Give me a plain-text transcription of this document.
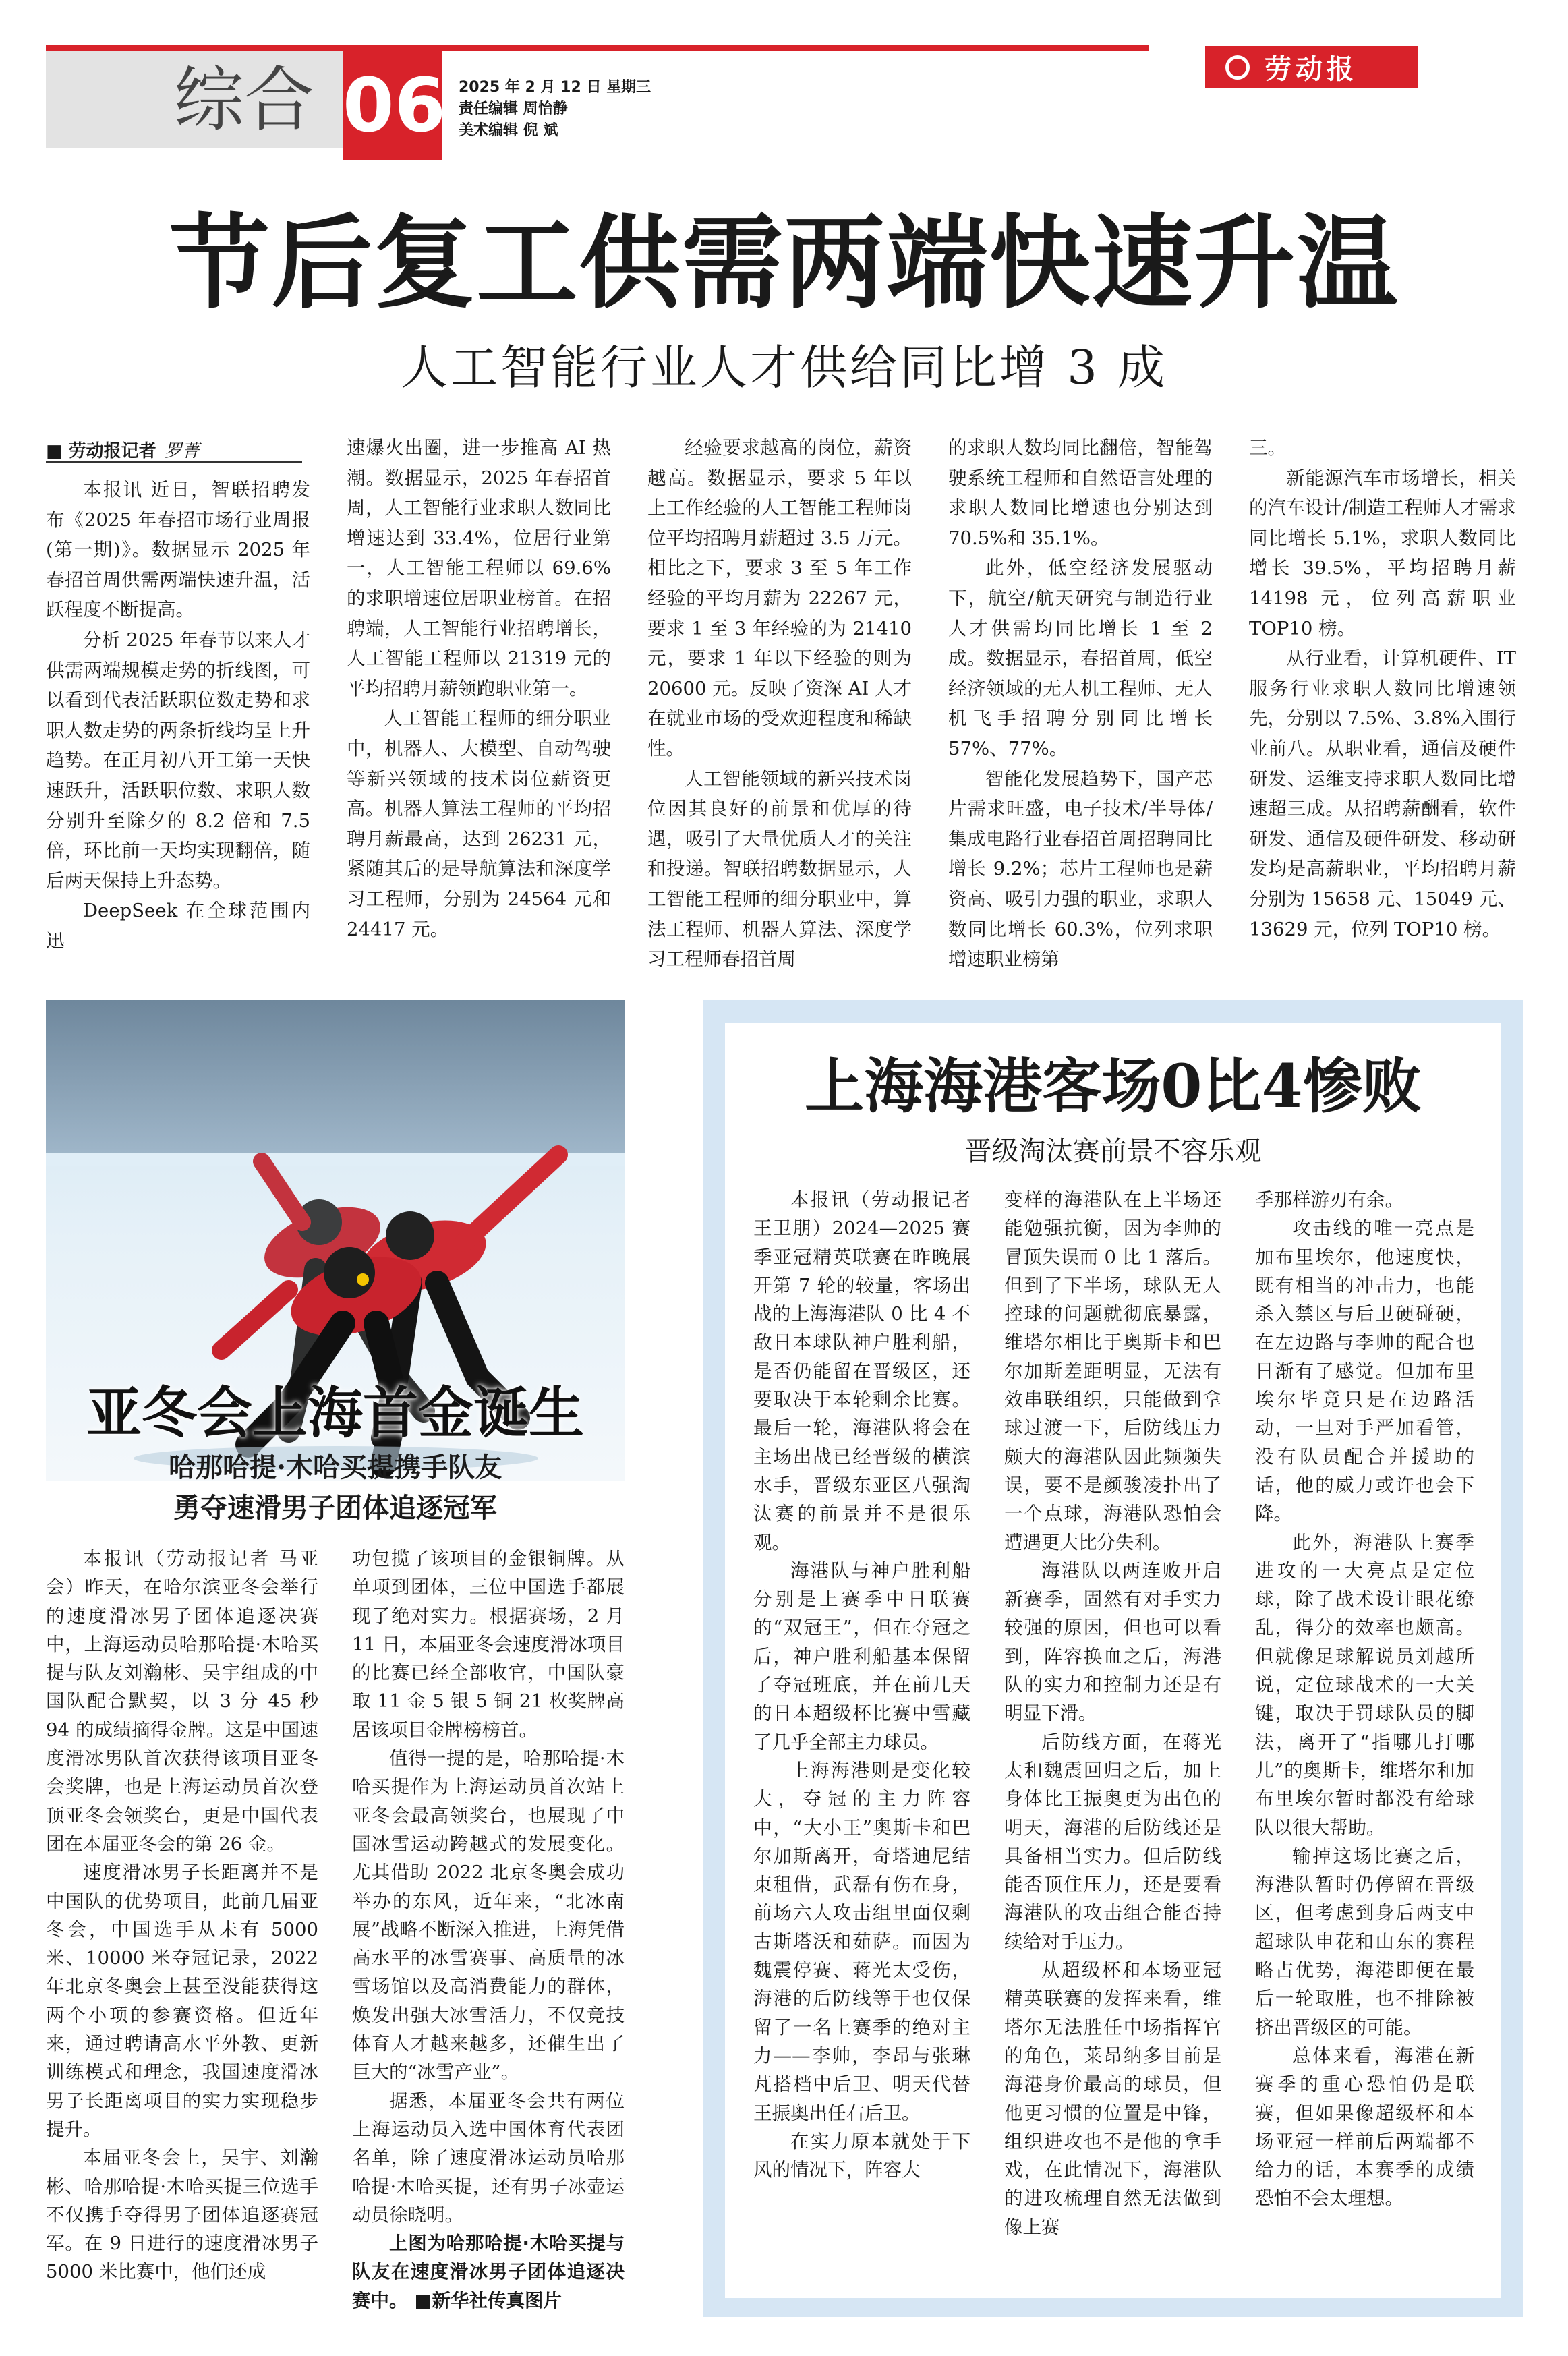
综合 06 2025 年 2 月 12 日 星期三
责任编辑 周怡静
美术编辑 倪 斌
劳动报
节后复工供需两端快速升温
人工智能行业人才供给同比增 3 成
■ 劳动报记者 罗菁

本报讯 近日，智联招聘发布《2025 年春招市场行业周报(第一期)》。数据显示 2025 年春招首周供需两端快速升温，活跃程度不断提高。

分析 2025 年春节以来人才供需两端规模走势的折线图，可以看到代表活跃职位数走势和求职人数走势的两条折线均呈上升趋势。在正月初八开工第一天快速跃升，活跃职位数、求职人数分别升至除夕的 8.2 倍和 7.5 倍，环比前一天均实现翻倍，随后两天保持上升态势。

DeepSeek 在全球范围内迅

速爆火出圈，进一步推高 AI 热潮。数据显示，2025 年春招首周，人工智能行业求职人数同比增速达到 33.4%，位居行业第一，人工智能工程师以 69.6%的求职增速位居职业榜首。在招聘端，人工智能行业招聘增长，人工智能工程师以 21319 元的平均招聘月薪领跑职业第一。

人工智能工程师的细分职业中，机器人、大模型、自动驾驶等新兴领域的技术岗位薪资更高。机器人算法工程师的平均招聘月薪最高，达到 26231 元，紧随其后的是导航算法和深度学习工程师，分别为 24564 元和 24417 元。

经验要求越高的岗位，薪资越高。数据显示，要求 5 年以上工作经验的人工智能工程师岗位平均招聘月薪超过 3.5 万元。相比之下，要求 3 至 5 年工作经验的平均月薪为 22267 元，要求 1 至 3 年经验的为 21410 元，要求 1 年以下经验的则为 20600 元。反映了资深 AI 人才在就业市场的受欢迎程度和稀缺性。

人工智能领域的新兴技术岗位因其良好的前景和优厚的待遇，吸引了大量优质人才的关注和投递。智联招聘数据显示，人工智能工程师的细分职业中，算法工程师、机器人算法、深度学习工程师春招首周

的求职人数均同比翻倍，智能驾驶系统工程师和自然语言处理的求职人数同比增速也分别达到 70.5%和 35.1%。

此外，低空经济发展驱动下，航空/航天研究与制造行业人才供需均同比增长 1 至 2 成。数据显示，春招首周，低空经济领域的无人机工程师、无人机飞手招聘分别同比增长 57%、77%。

智能化发展趋势下，国产芯片需求旺盛，电子技术/半导体/集成电路行业春招首周招聘同比增长 9.2%；芯片工程师也是薪资高、吸引力强的职业，求职人数同比增长 60.3%，位列求职增速职业榜第

三。

新能源汽车市场增长，相关的汽车设计/制造工程师人才需求同比增长 5.1%，求职人数同比增长 39.5%，平均招聘月薪 14198 元，位列高薪职业 TOP10 榜。

从行业看，计算机硬件、IT 服务行业求职人数同比增速领先，分别以 7.5%、3.8%入围行业前八。从职业看，通信及硬件研发、运维支持求职人数同比增速超三成。从招聘薪酬看，软件研发、通信及硬件研发、移动研发均是高薪职业，平均招聘月薪分别为 15658 元、15049 元、13629 元，位列 TOP10 榜。

亚冬会上海首金诞生
哈那哈提·木哈买提携手队友
勇夺速滑男子团体追逐冠军

本报讯（劳动报记者 马亚会）昨天，在哈尔滨亚冬会举行的速度滑冰男子团体追逐决赛中，上海运动员哈那哈提·木哈买提与队友刘瀚彬、吴宇组成的中国队配合默契，以 3 分 45 秒 94 的成绩摘得金牌。这是中国速度滑冰男队首次获得该项目亚冬会奖牌，也是上海运动员首次登顶亚冬会领奖台，更是中国代表团在本届亚冬会的第 26 金。

速度滑冰男子长距离并不是中国队的优势项目，此前几届亚冬会，中国选手从未有 5000 米、10000 米夺冠记录，2022 年北京冬奥会上甚至没能获得这两个小项的参赛资格。但近年来，通过聘请高水平外教、更新训练模式和理念，我国速度滑冰男子长距离项目的实力实现稳步提升。

本届亚冬会上，吴宇、刘瀚彬、哈那哈提·木哈买提三位选手不仅携手夺得男子团体追逐赛冠军。在 9 日进行的速度滑冰男子 5000 米比赛中，他们还成

功包揽了该项目的金银铜牌。从单项到团体，三位中国选手都展现了绝对实力。根据赛场，2 月 11 日，本届亚冬会速度滑冰项目的比赛已经全部收官，中国队豪取 11 金 5 银 5 铜 21 枚奖牌高居该项目金牌榜榜首。

值得一提的是，哈那哈提·木哈买提作为上海运动员首次站上亚冬会最高领奖台，也展现了中国冰雪运动跨越式的发展变化。尤其借助 2022 北京冬奥会成功举办的东风，近年来，“北冰南展”战略不断深入推进，上海凭借高水平的冰雪赛事、高质量的冰雪场馆以及高消费能力的群体，焕发出强大冰雪活力，不仅竞技体育人才越来越多，还催生出了巨大的“冰雪产业”。

据悉，本届亚冬会共有两位上海运动员入选中国体育代表团名单，除了速度滑冰运动员哈那哈提·木哈买提，还有男子冰壶运动员徐晓明。

上图为哈那哈提·木哈买提与队友在速度滑冰男子团体追逐决赛中。 ■新华社传真图片

上海海港客场0比4惨败
晋级淘汰赛前景不容乐观

本报讯（劳动报记者 王卫朋）2024—2025 赛季亚冠精英联赛在昨晚展开第 7 轮的较量，客场出战的上海海港队 0 比 4 不敌日本球队神户胜利船，是否仍能留在晋级区，还要取决于本轮剩余比赛。最后一轮，海港队将会在主场出战已经晋级的横滨水手，晋级东亚区八强淘汰赛的前景并不是很乐观。

海港队与神户胜利船分别是上赛季中日联赛的“双冠王”，但在夺冠之后，神户胜利船基本保留了夺冠班底，并在前几天的日本超级杯比赛中雪藏了几乎全部主力球员。

上海海港则是变化较大，夺冠的主力阵容中，“大小王”奥斯卡和巴尔加斯离开，奇塔迪尼结束租借，武磊有伤在身，前场六人攻击组里面仅剩古斯塔沃和茹萨。而因为魏震停赛、蒋光太受伤，海港的后防线等于也仅保留了一名上赛季的绝对主力——李帅，李昂与张琳芃搭档中后卫、明天代替王振奥出任右后卫。

在实力原本就处于下风的情况下，阵容大

变样的海港队在上半场还能勉强抗衡，因为李帅的冒顶失误而 0 比 1 落后。但到了下半场，球队无人控球的问题就彻底暴露，维塔尔相比于奥斯卡和巴尔加斯差距明显，无法有效串联组织，只能做到拿球过渡一下，后防线压力颇大的海港队因此频频失误，要不是颜骏凌扑出了一个点球，海港队恐怕会遭遇更大比分失利。

海港队以两连败开启新赛季，固然有对手实力较强的原因，但也可以看到，阵容换血之后，海港队的实力和控制力还是有明显下滑。

后防线方面，在蒋光太和魏震回归之后，加上身体比王振奥更为出色的明天，海港的后防线还是具备相当实力。但后防线能否顶住压力，还是要看海港队的攻击组合能否持续给对手压力。

从超级杯和本场亚冠精英联赛的发挥来看，维塔尔无法胜任中场指挥官的角色，莱昂纳多目前是海港身价最高的球员，但他更习惯的位置是中锋，组织进攻也不是他的拿手戏，在此情况下，海港队的进攻梳理自然无法做到像上赛

季那样游刃有余。

攻击线的唯一亮点是加布里埃尔，他速度快，既有相当的冲击力，也能杀入禁区与后卫硬碰硬，在左边路与李帅的配合也日渐有了感觉。但加布里埃尔毕竟只是在边路活动，一旦对手严加看管，没有队员配合并援助的话，他的威力或许也会下降。

此外，海港队上赛季进攻的一大亮点是定位球，除了战术设计眼花缭乱，得分的效率也颇高。但就像足球解说员刘越所说，定位球战术的一大关键，取决于罚球队员的脚法，离开了“指哪儿打哪儿”的奥斯卡，维塔尔和加布里埃尔暂时都没有给球队以很大帮助。

输掉这场比赛之后，海港队暂时仍停留在晋级区，但考虑到身后两支中超球队申花和山东的赛程略占优势，海港即便在最后一轮取胜，也不排除被挤出晋级区的可能。

总体来看，海港在新赛季的重心恐怕仍是联赛，但如果像超级杯和本场亚冠一样前后两端都不给力的话，本赛季的成绩恐怕不会太理想。
